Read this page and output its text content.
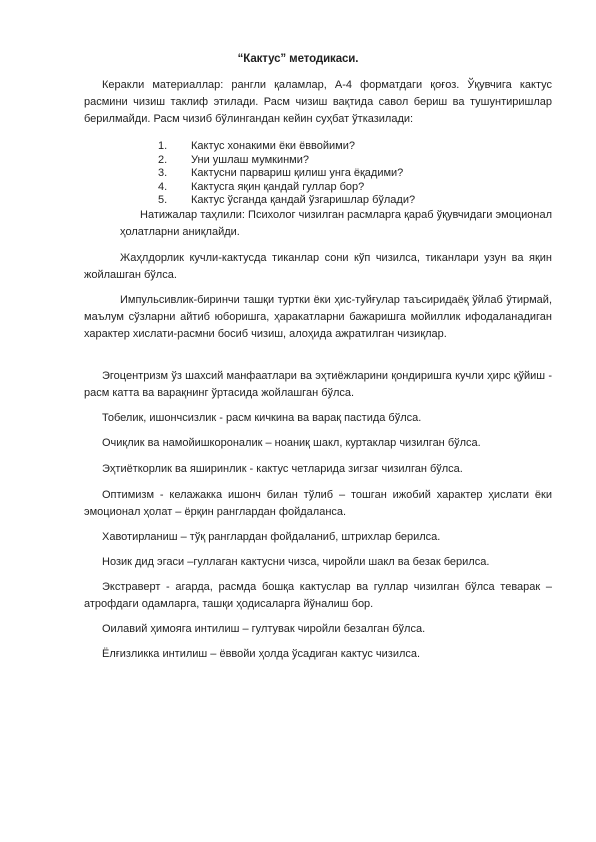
“Кактус” методикаси.

Керакли материаллар: рангли қаламлар, А-4 форматдаги қоғоз. Ўқувчига кактус расмини чизиш таклиф этилади. Расм чизиш вақтида савол бериш ва тушунтиришлар берилмайди. Расм чизиб бўлингандан кейин суҳбат ўтказилади:

1.	Кактус хонакими ёки ёввойими?
2.	Уни ушлаш мумкинми?
3.	Кактусни парвариш қилиш унга ёқадими?
4.	Кактусга яқин қандай гуллар бор?
5.	Кактус ўсганда қандай ўзгаришлар бўлади?

Натижалар таҳлили: Психолог чизилган расмларга қараб ўқувчидаги эмоционал ҳолатларни аниқлайди.

Жаҳлдорлик кучли-кактусда тиканлар сони кўп чизилса, тиканлари узун ва яқин жойлашган бўлса.

Импульсивлик-биринчи ташқи туртки ёки ҳис-туйғулар таъсиридаёқ ўйлаб ўтирмай, маълум сўзларни айтиб юборишга, ҳаракатларни бажаришга мойиллик ифодаланадиган характер хислати-расмни босиб чизиш, алоҳида ажратилган чизиқлар.

Эгоцентризм ўз шахсий манфаатлари ва эҳтиёжларини қондиришга кучли ҳирс қўйиш - расм катта ва варақнинг ўртасида жойлашган бўлса.

Тобелик, ишончсизлик - расм кичкина ва варақ пастида бўлса.

Очиқлик ва намойишкороналик – ноаниқ шакл, куртаклар чизилган бўлса.

Эҳтиёткорлик ва яширинлик - кактус четларида зигзаг чизилган бўлса.

Оптимизм - келажакка ишонч билан тўлиб – тошган ижобий характер ҳислати ёки эмоционал ҳолат – ёрқин ранглардан фойдаланса.

Хавотирланиш – тўқ ранглардан фойдаланиб, штрихлар берилса.

Нозик дид эгаси –гуллаган кактусни чизса, чиройли шакл ва безак берилса.

Экстраверт - агарда, расмда бошқа кактуслар ва гуллар чизилган бўлса теварак – атрофдаги одамларга, ташқи ҳодисаларга йўналиш бор.

Оилавий ҳимояга интилиш – гултувак чиройли безалган бўлса.

Ёлғизликка интилиш – ёввойи ҳолда ўсадиган кактус чизилса.
